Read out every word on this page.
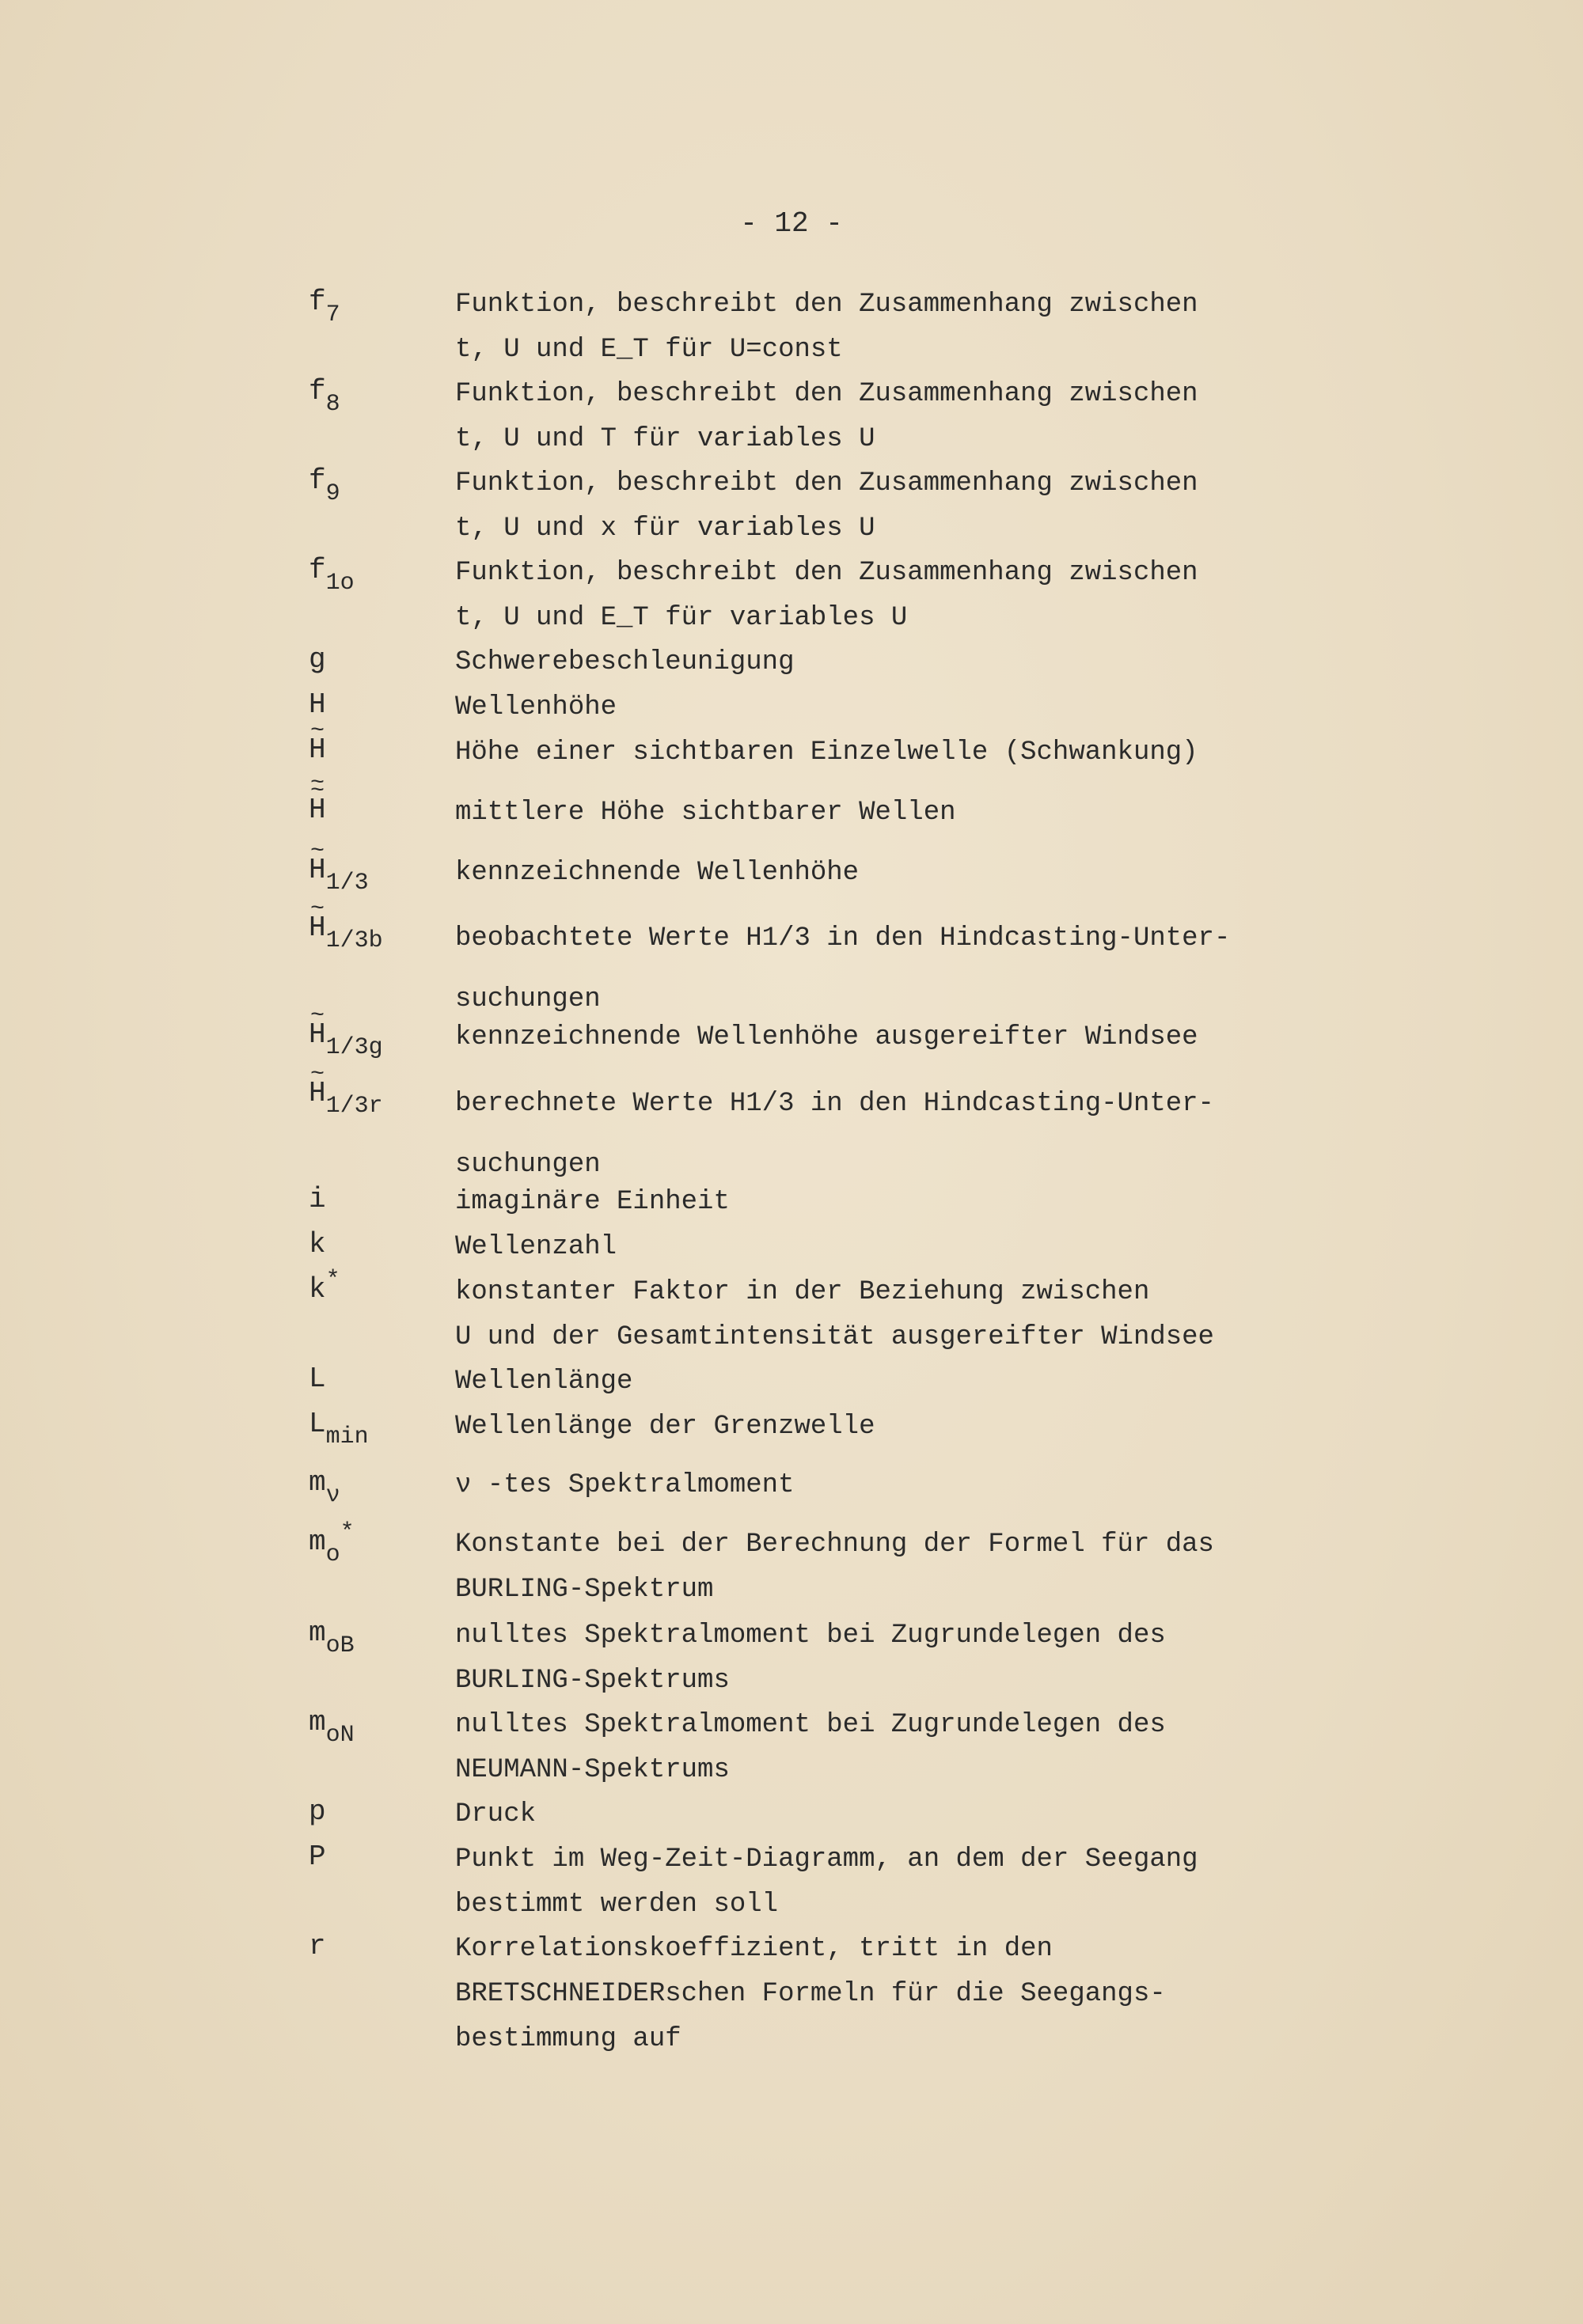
- 12 -
$f_7$	Funktion, beschreibt den Zusammenhang zwischen
t, U und E_T für U=const
$f_8$	Funktion, beschreibt den Zusammenhang zwischen
t, U und T für variables U
$f_9$	Funktion, beschreibt den Zusammenhang zwischen
t, U und x für variables U
$f_{1o}$	Funktion, beschreibt den Zusammenhang zwischen
t, U und E_T für variables U
g	Schwerebeschleunigung
H	Wellenhöhe
~ H	Höhe einer sichtbaren Einzelwelle (Schwankung)
~ H ~	mittlere Höhe sichtbarer Wellen
~ $H_{1/3}$	kennzeichnende Wellenhöhe
~ $H_{1/3b}$	beobachtete Werte H1/3 in den Hindcasting-Unter-
suchungen
~ $H_{1/3g}$	kennzeichnende Wellenhöhe ausgereifter Windsee
~ $H_{1/3r}$	berechnete Werte H1/3 in den Hindcasting-Unter-
suchungen
i	imaginäre Einheit
k	Wellenzahl
k*	konstanter Faktor in der Beziehung zwischen
U und der Gesamtintensität ausgereifter Windsee
L	Wellenlänge
$L_{min}$	Wellenlänge der Grenzwelle
$m_\nu$	ν -tes Spektralmoment
$m_o^*$	Konstante bei der Berechnung der Formel für das
BURLING-Spektrum
$m_{oB}$	nulltes Spektralmoment bei Zugrundelegen des
BURLING-Spektrums
$m_{oN}$	nulltes Spektralmoment bei Zugrundelegen des
NEUMANN-Spektrums
p	Druck
P	Punkt im Weg-Zeit-Diagramm, an dem der Seegang
bestimmt werden soll
r	Korrelationskoeffizient, tritt in den
BRETSCHNEIDERschen Formeln für die Seegangs-
bestimmung auf
